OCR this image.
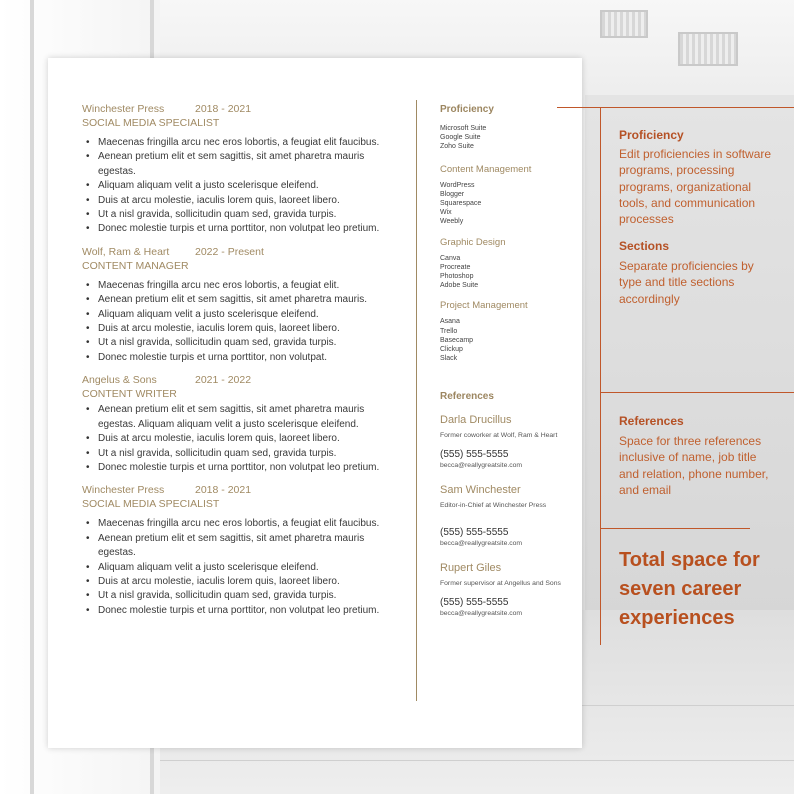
Winchester Press	2018 - 2021
SOCIAL MEDIA SPECIALIST
• Maecenas fringilla arcu nec eros lobortis, a feugiat elit faucibus.
• Aenean pretium elit et sem sagittis, sit amet pharetra mauris egestas.
• Aliquam aliquam velit a justo scelerisque eleifend.
• Duis at arcu molestie, iaculis lorem quis, laoreet libero.
• Ut a nisl gravida, sollicitudin quam sed, gravida turpis.
• Donec molestie turpis et urna porttitor, non volutpat leo pretium.
Wolf, Ram & Heart 2022 - Present
CONTENT MANAGER
• Maecenas fringilla arcu nec eros lobortis, a feugiat elit.
• Aenean pretium elit et sem sagittis, sit amet pharetra mauris.
• Aliquam aliquam velit a justo scelerisque eleifend.
• Duis at arcu molestie, iaculis lorem quis, laoreet libero.
• Ut a nisl gravida, sollicitudin quam sed, gravida turpis.
• Donec molestie turpis et urna porttitor, non volutpat.
Angelus & Sons	2021 - 2022
CONTENT WRITER
• Aenean pretium elit et sem sagittis, sit amet pharetra mauris egestas. Aliquam aliquam velit a justo scelerisque eleifend.
• Duis at arcu molestie, iaculis lorem quis, laoreet libero.
• Ut a nisl gravida, sollicitudin quam sed, gravida turpis.
• Donec molestie turpis et urna porttitor, non volutpat leo pretium.
Winchester Press	2018 - 2021
SOCIAL MEDIA SPECIALIST
• Maecenas fringilla arcu nec eros lobortis, a feugiat elit faucibus.
• Aenean pretium elit et sem sagittis, sit amet pharetra mauris egestas.
• Aliquam aliquam velit a justo scelerisque eleifend.
• Duis at arcu molestie, iaculis lorem quis, laoreet libero.
• Ut a nisl gravida, sollicitudin quam sed, gravida turpis.
• Donec molestie turpis et urna porttitor, non volutpat leo pretium.
Proficiency
Microsoft Suite
Google Suite
Zoho Suite
Content Management
WordPress
Blogger
Squarespace
Wix
Weebly
Graphic Design
Canva
Procreate
Photoshop
Adobe Suite
Project Management
Asana
Trello
Basecamp
Clickup
Slack
References
Darla Drucillus
Former coworker at Wolf, Ram & Heart
(555) 555-5555
becca@reallygreatsite.com
Sam Winchester
Editor-in-Chief at Winchester Press
(555) 555-5555
becca@reallygreatsite.com
Rupert Giles
Former supervisor at Angellus and Sons
(555) 555-5555
becca@reallygreatsite.com
Proficiency
Edit proficiencies in software programs, processing programs, organizational tools, and communication processes
Sections
Separate proficiencies by type and title sections accordingly
References
Space for three references inclusive of name, job title and relation, phone number, and email
Total space for seven career experiences
